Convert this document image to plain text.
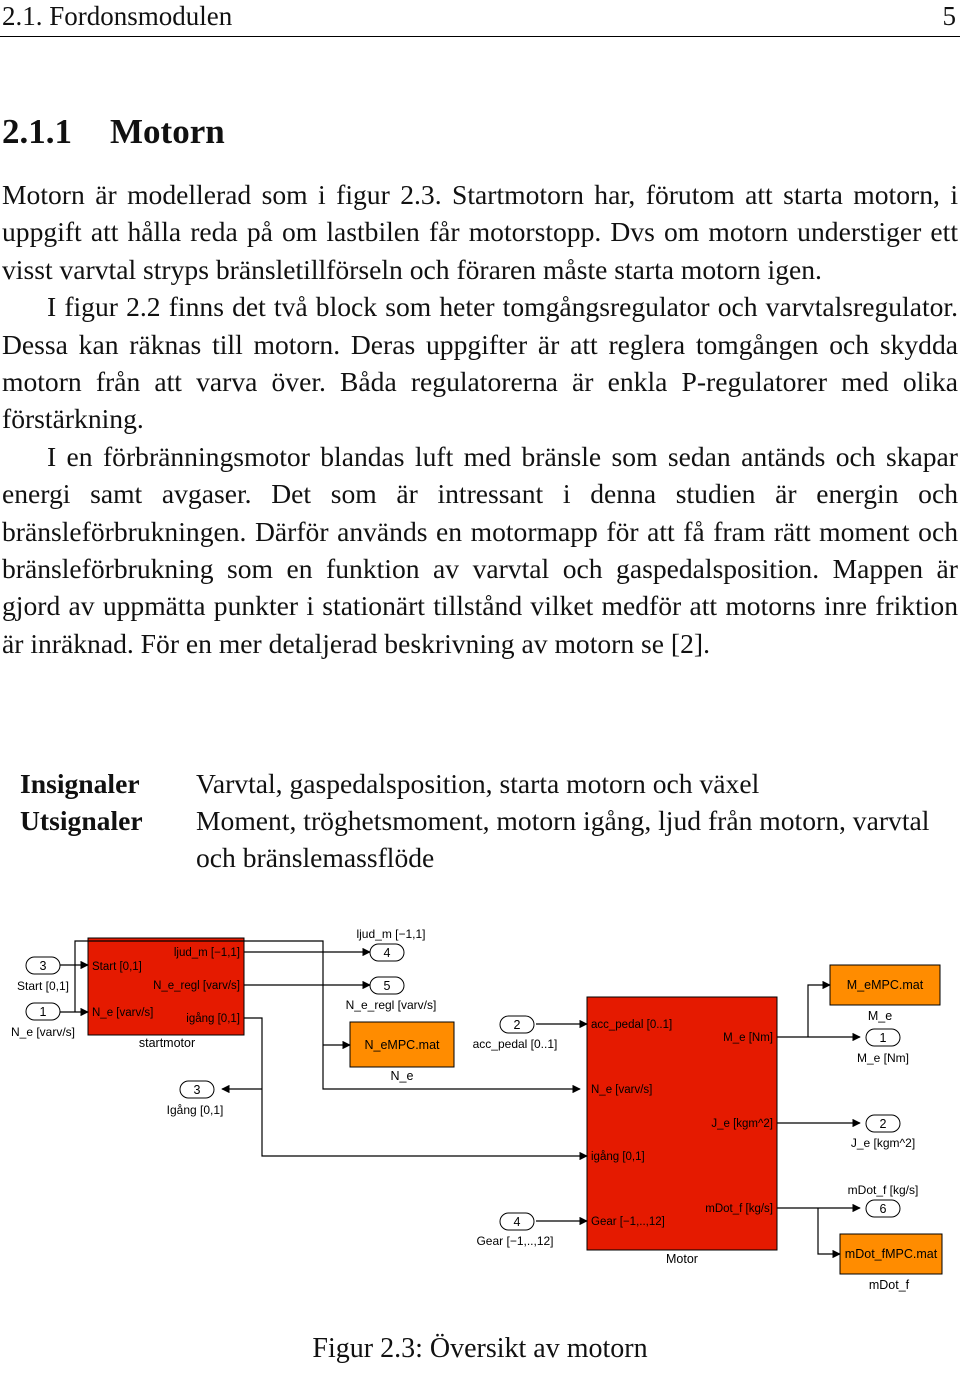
2.1. Fordonsmodulen	5
2.1.1 Motorn

Motorn är modellerad som i figur 2.3. Startmotorn har, förutom att starta motorn, i uppgift att hålla reda på om lastbilen får motorstopp. Dvs om motorn understiger ett visst varvtal stryps bränsletillförseln och föraren måste starta motorn igen.

I figur 2.2 finns det två block som heter tomgångsregulator och varvtalsregulator. Dessa kan räknas till motorn. Deras uppgifter är att reglera tomgången och skydda motorn från att varva över. Båda regulatorerna är enkla P-regulatorer med olika förstärkning.

I en förbränningsmotor blandas luft med bränsle som sedan antänds och skapar energi samt avgaser. Det som är intressant i denna studien är energin och bränsleförbrukningen. Därför används en motormapp för att få fram rätt moment och bränsleförbrukning som en funktion av varvtal och gaspedalsposition. Mappen är gjord av uppmätta punkter i stationärt tillstånd vilket medför att motorns inre friktion är inräknad. För en mer detaljerad beskrivning av motorn se [2].

Insignaler	Varvtal, gaspedalsposition, starta motorn och växel
Utsignaler	Moment, tröghetsmoment, motorn igång, ljud från motorn, varvtal och bränslemassflöde
3
1
4
5
3
2
4
1
2
6
Start [0,1]
N_e [varv/s]
ljud_m [−1,1]
N_e_regl [varv/s]
Igång [0,1]
acc_pedal [0..1]
Gear [−1,..,12]
M_e [Nm]
J_e [kgm^2]
mDot_f [kg/s]
Start [0,1]
N_e [varv/s]
ljud_m [−1,1]
N_e_regl [varv/s]
igång [0,1]
startmotor
acc_pedal [0..1]
N_e [varv/s]
igång [0,1]
Gear [−1,..,12]
M_e [Nm]
J_e [kgm^2]
mDot_f [kg/s]
Motor
N_eMPC.mat
N_e
M_eMPC.mat
M_e
mDot_fMPC.mat
mDot_f
Figur 2.3: Översikt av motorn
